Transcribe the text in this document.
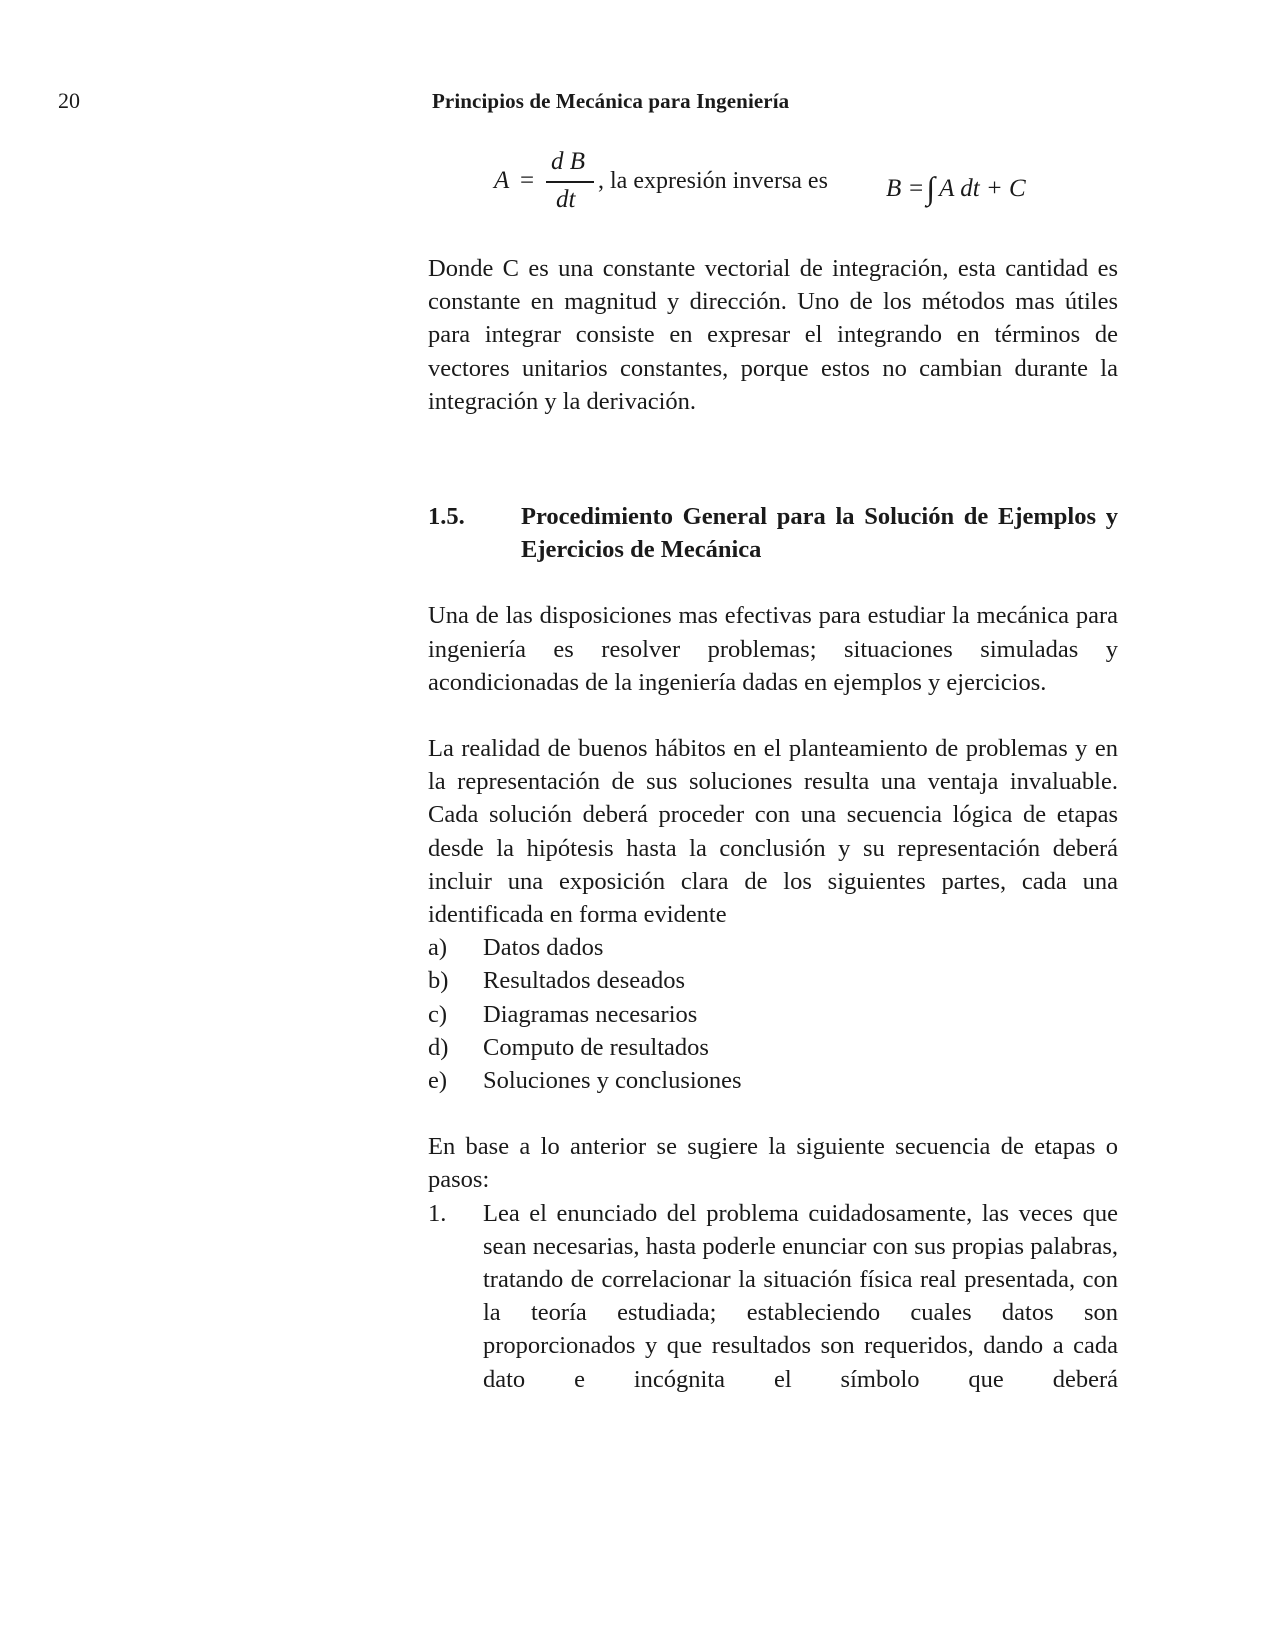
20	Principios de Mecánica para Ingeniería
A =
d B
dt
, la expresión inversa es B =∫ A dt + C

Donde C es una constante vectorial de integración, esta cantidad es constante en magnitud y dirección. Uno de los métodos mas útiles para integrar consiste en expresar el integrando en términos de vectores unitarios constantes, porque estos no cambian durante la integración y la derivación.

1.5.	Procedimiento General para la Solución de Ejemplos y Ejercicios de Mecánica

Una de las disposiciones mas efectivas para estudiar la mecánica para ingeniería es resolver problemas; situaciones simuladas y acondicionadas de la ingeniería dadas en ejemplos y ejercicios.

La realidad de buenos hábitos en el planteamiento de problemas y en la representación de sus soluciones resulta una ventaja invaluable. Cada solución deberá proceder con una secuencia lógica de etapas desde la hipótesis hasta la conclusión y su representación deberá incluir una exposición clara de los siguientes partes, cada una identificada en forma evidente

a)	Datos dados
b)	Resultados deseados
c)	Diagramas necesarios
d)	Computo de resultados
e)	Soluciones y conclusiones

En base a lo anterior se sugiere la siguiente secuencia de etapas o pasos:

1.	Lea el enunciado del problema cuidadosamente, las veces que sean necesarias, hasta poderle enunciar con sus propias palabras, tratando de correlacionar la situación física real presentada, con la teoría estudiada; estableciendo cuales datos son proporcionados y que resultados son requeridos, dando a cada dato e incógnita el símbolo que deberá
